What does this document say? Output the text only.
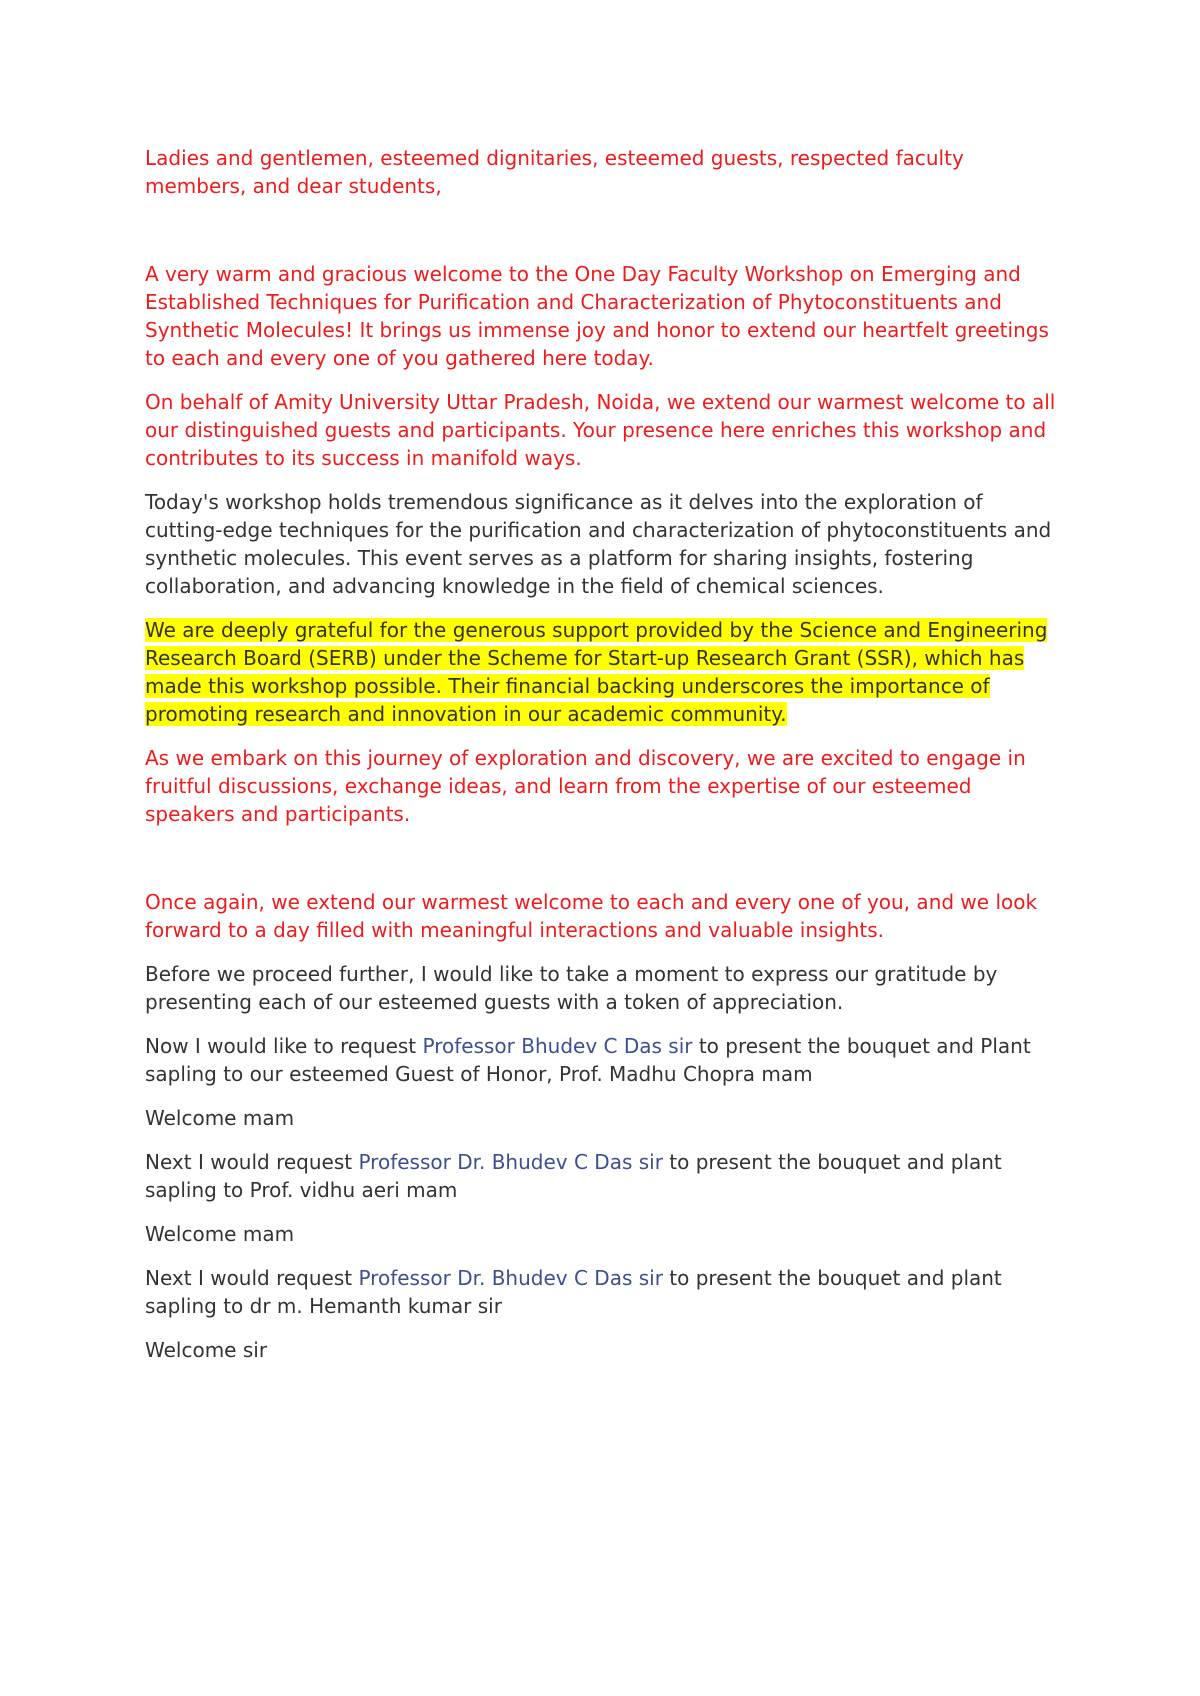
Ladies and gentlemen, esteemed dignitaries, esteemed guests, respected faculty members, and dear students,

A very warm and gracious welcome to the One Day Faculty Workshop on Emerging and Established Techniques for Purification and Characterization of Phytoconstituents and Synthetic Molecules! It brings us immense joy and honor to extend our heartfelt greetings to each and every one of you gathered here today.

On behalf of Amity University Uttar Pradesh, Noida, we extend our warmest welcome to all our distinguished guests and participants. Your presence here enriches this workshop and contributes to its success in manifold ways.

Today's workshop holds tremendous significance as it delves into the exploration of cutting-edge techniques for the purification and characterization of phytoconstituents and synthetic molecules. This event serves as a platform for sharing insights, fostering collaboration, and advancing knowledge in the field of chemical sciences.

We are deeply grateful for the generous support provided by the Science and Engineering Research Board (SERB) under the Scheme for Start-up Research Grant (SSR), which has made this workshop possible. Their financial backing underscores the importance of promoting research and innovation in our academic community.

As we embark on this journey of exploration and discovery, we are excited to engage in fruitful discussions, exchange ideas, and learn from the expertise of our esteemed speakers and participants.

Once again, we extend our warmest welcome to each and every one of you, and we look forward to a day filled with meaningful interactions and valuable insights.

Before we proceed further, I would like to take a moment to express our gratitude by presenting each of our esteemed guests with a token of appreciation.

Now I would like to request Professor Bhudev C Das sir to present the bouquet and Plant sapling to our esteemed Guest of Honor, Prof. Madhu Chopra mam

Welcome mam

Next I would request Professor Dr. Bhudev C Das sir to present the bouquet and plant sapling to Prof. vidhu aeri mam

Welcome mam

Next I would request Professor Dr. Bhudev C Das sir to present the bouquet and plant sapling to dr m. Hemanth kumar sir

Welcome sir
